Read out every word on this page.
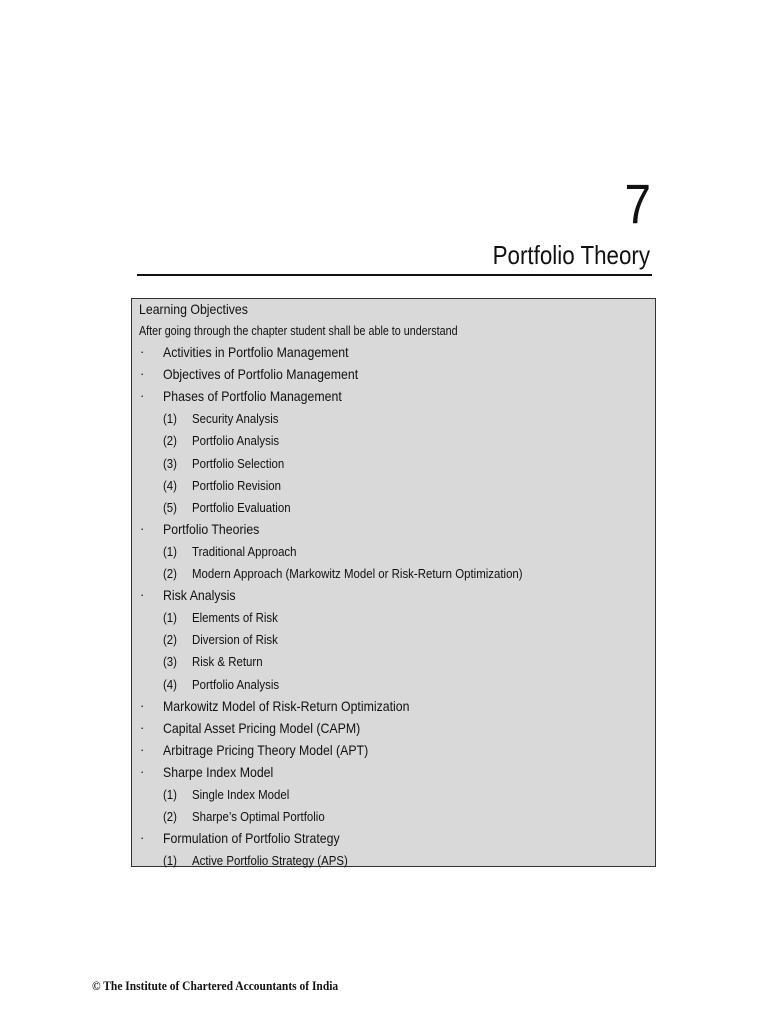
7
Portfolio Theory
Learning Objectives
After going through the chapter student shall be able to understand
· Activities in Portfolio Management
· Objectives of Portfolio Management
· Phases of Portfolio Management
(1) Security Analysis
(2) Portfolio Analysis
(3) Portfolio Selection
(4) Portfolio Revision
(5) Portfolio Evaluation
· Portfolio Theories
(1) Traditional Approach
(2) Modern Approach (Markowitz Model or Risk-Return Optimization)
· Risk Analysis
(1) Elements of Risk
(2) Diversion of Risk
(3) Risk & Return
(4) Portfolio Analysis
· Markowitz Model of Risk-Return Optimization
· Capital Asset Pricing Model (CAPM)
· Arbitrage Pricing Theory Model (APT)
· Sharpe Index Model
(1) Single Index Model
(2) Sharpe’s Optimal Portfolio
· Formulation of Portfolio Strategy
(1) Active Portfolio Strategy (APS)
© The Institute of Chartered Accountants of India
